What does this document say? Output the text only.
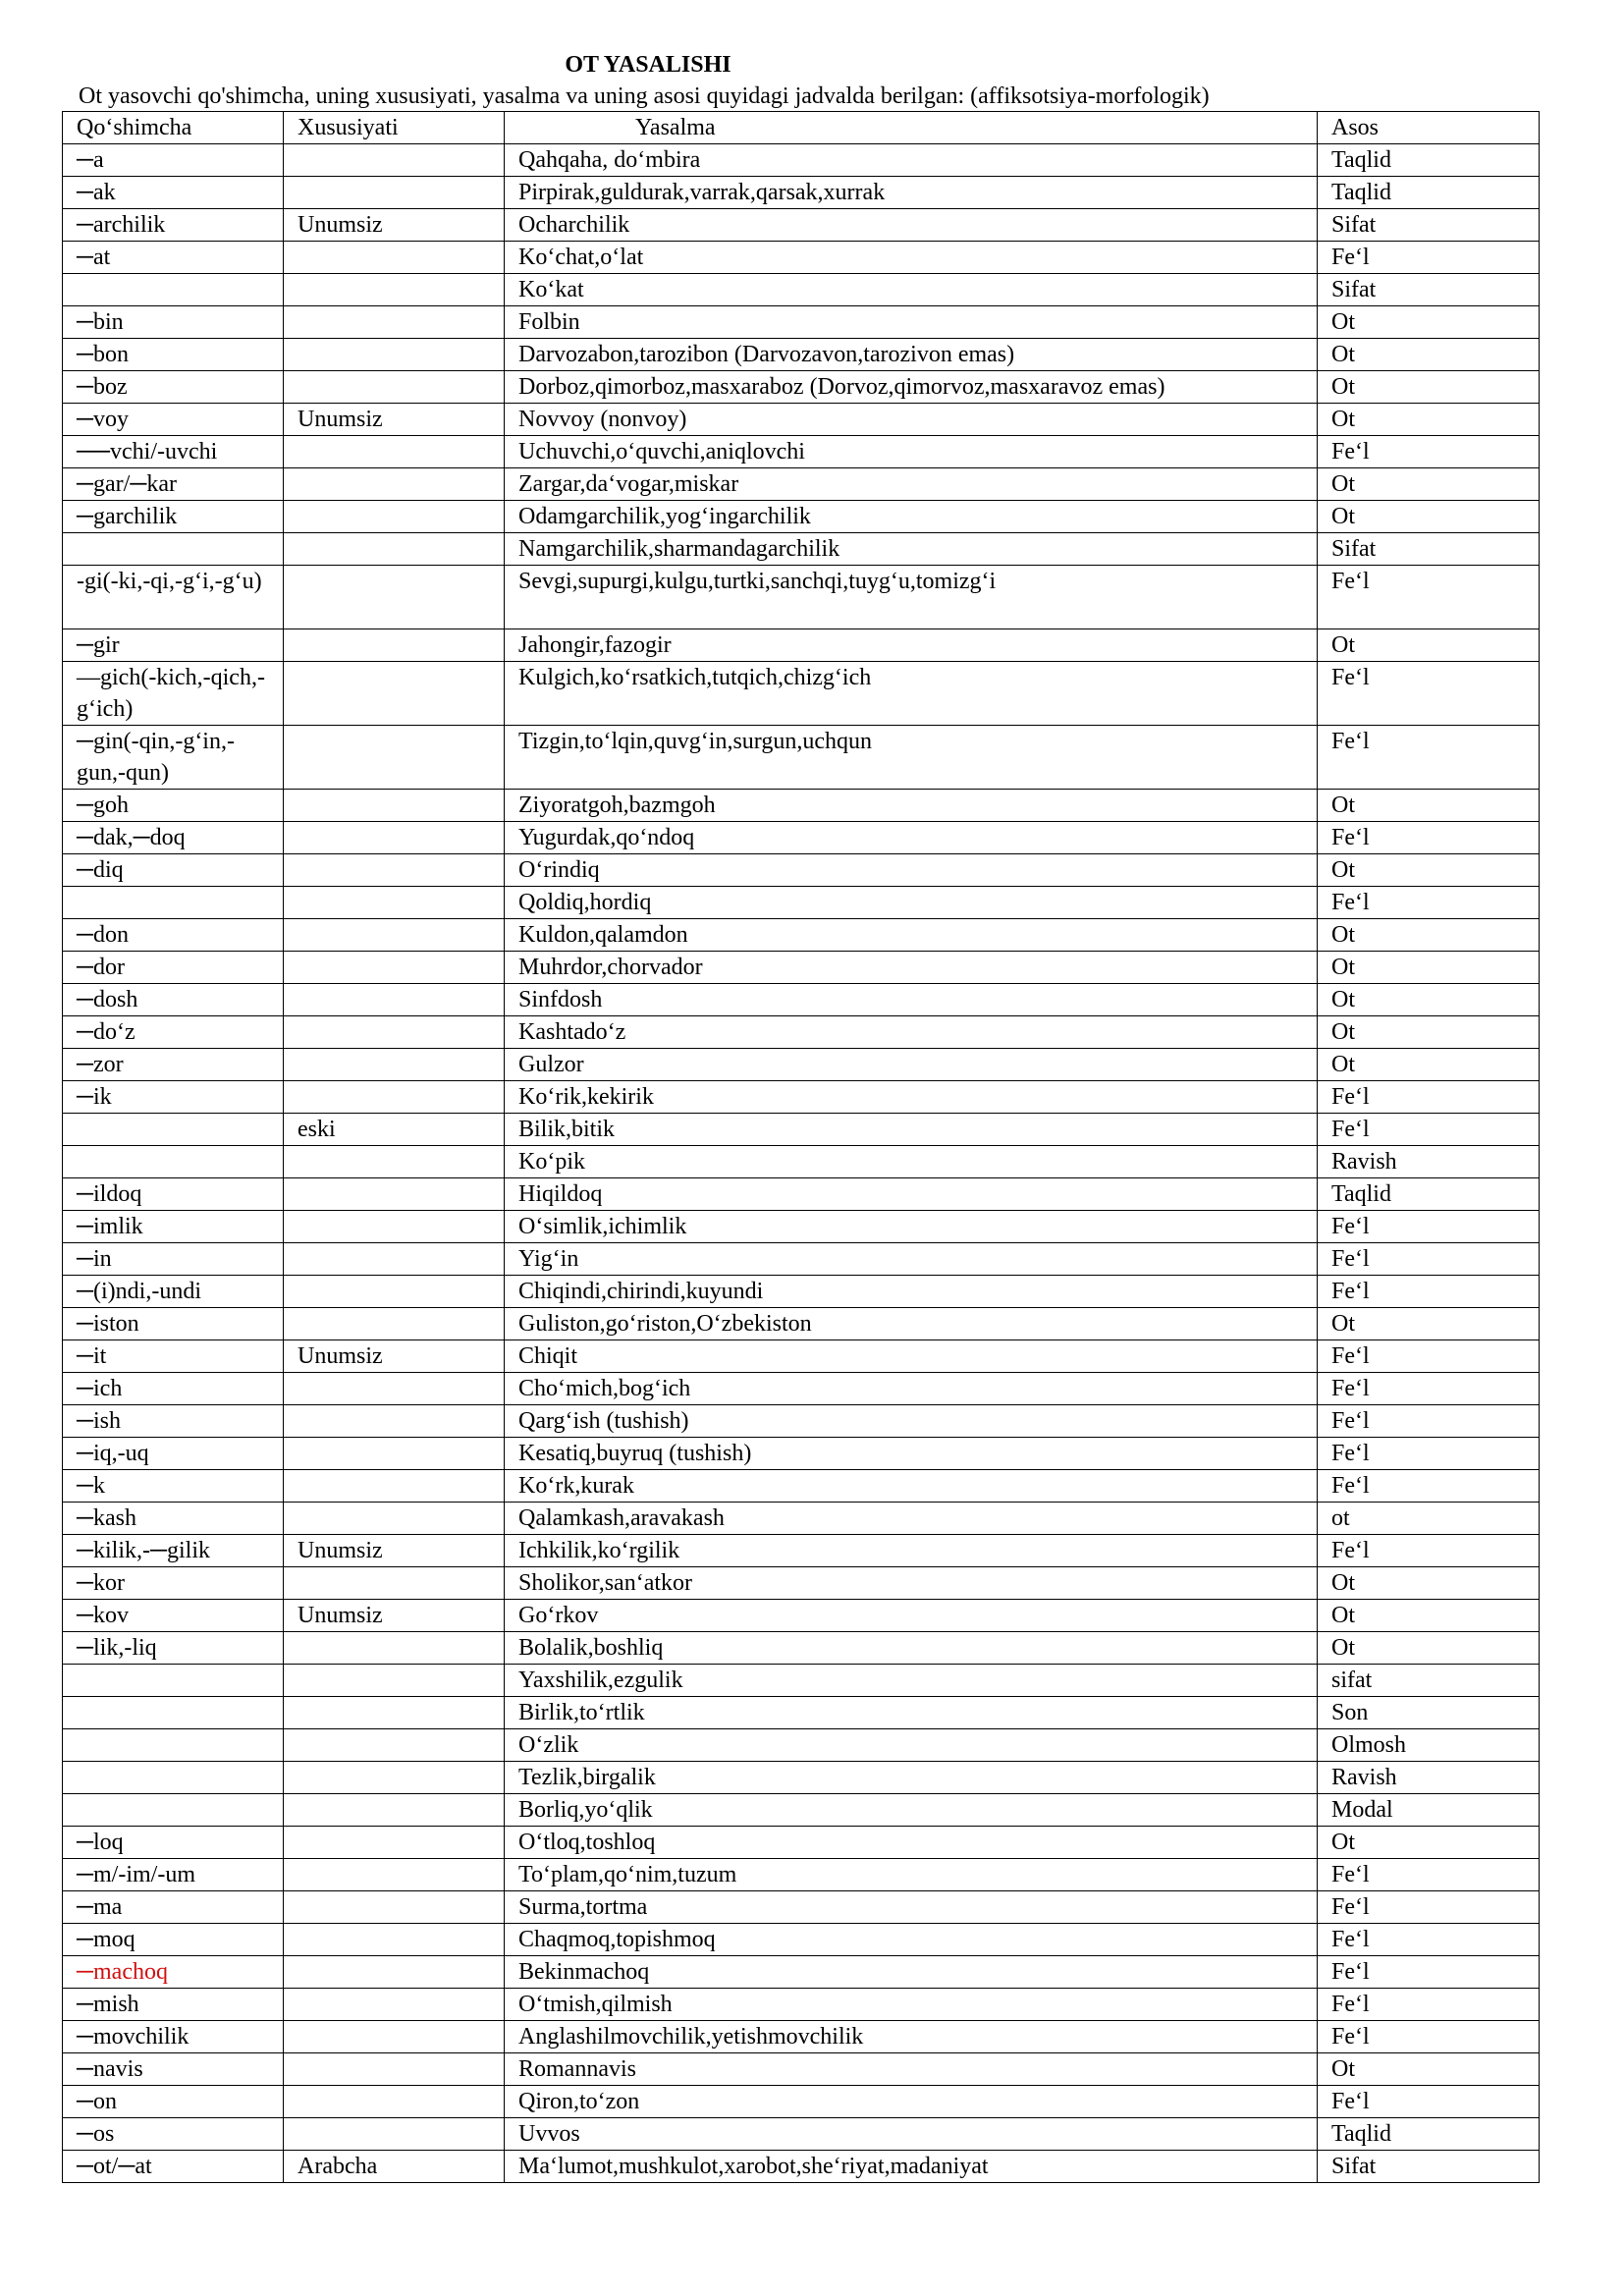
OT YASALISHI
Ot yasovchi qo'shimcha, uning xususiyati, yasalma va uning asosi quyidagi jadvalda berilgan: (affiksotsiya-morfologik)
Qo‘shimcha	Xususiyati	Yasalma	Asos
─a		Qahqaha, do‘mbira	Taqlid
─ak		Pirpirak,guldurak,varrak,qarsak,xurrak	Taqlid
─archilik	Unumsiz	Ocharchilik	Sifat
─at		Ko‘chat,o‘lat	Fe‘l
		Ko‘kat	Sifat
─bin		Folbin	Ot
─bon		Darvozabon,tarozibon (Darvozavon,tarozivon emas)	Ot
─boz		Dorboz,qimorboz,masxaraboz (Dorvoz,qimorvoz,masxaravoz emas)	Ot
─voy	Unumsiz	Novvoy (nonvoy)	Ot
──vchi/-uvchi		Uchuvchi,o‘quvchi,aniqlovchi	Fe‘l
─gar/─kar		Zargar,da‘vogar,miskar	Ot
─garchilik		Odamgarchilik,yog‘ingarchilik	Ot
		Namgarchilik,sharmandagarchilik	Sifat
-gi(-ki,-qi,-g‘i,-g‘u)		Sevgi,supurgi,kulgu,turtki,sanchqi,tuyg‘u,tomizg‘i	Fe‘l
─gir		Jahongir,fazogir	Ot
—gich(-kich,-qich,-g‘ich)		Kulgich,ko‘rsatkich,tutqich,chizg‘ich	Fe‘l
─gin(-qin,-g‘in,-gun,-qun)		Tizgin,to‘lqin,quvg‘in,surgun,uchqun	Fe‘l
─goh		Ziyoratgoh,bazmgoh	Ot
─dak,─doq		Yugurdak,qo‘ndoq	Fe‘l
─diq		O‘rindiq	Ot
		Qoldiq,hordiq	Fe‘l
─don		Kuldon,qalamdon	Ot
─dor		Muhrdor,chorvador	Ot
─dosh		Sinfdosh	Ot
─do‘z		Kashtado‘z	Ot
─zor		Gulzor	Ot
─ik		Ko‘rik,kekirik	Fe‘l
	eski	Bilik,bitik	Fe‘l
		Ko‘pik	Ravish
─ildoq		Hiqildoq	Taqlid
─imlik		O‘simlik,ichimlik	Fe‘l
─in		Yig‘in	Fe‘l
─(i)ndi,-undi		Chiqindi,chirindi,kuyundi	Fe‘l
─iston		Guliston,go‘riston,O‘zbekiston	Ot
─it	Unumsiz	Chiqit	Fe‘l
─ich		Cho‘mich,bog‘ich	Fe‘l
─ish		Qarg‘ish (tushish)	Fe‘l
─iq,-uq		Kesatiq,buyruq (tushish)	Fe‘l
─k		Ko‘rk,kurak	Fe‘l
─kash		Qalamkash,aravakash	ot
─kilik,-─gilik	Unumsiz	Ichkilik,ko‘rgilik	Fe‘l
─kor		Sholikor,san‘atkor	Ot
─kov	Unumsiz	Go‘rkov	Ot
─lik,-liq		Bolalik,boshliq	Ot
		Yaxshilik,ezgulik	sifat
		Birlik,to‘rtlik	Son
		O‘zlik	Olmosh
		Tezlik,birgalik	Ravish
		Borliq,yo‘qlik	Modal
─loq		O‘tloq,toshloq	Ot
─m/-im/-um		To‘plam,qo‘nim,tuzum	Fe‘l
─ma		Surma,tortma	Fe‘l
─moq		Chaqmoq,topishmoq	Fe‘l
─machoq		Bekinmachoq	Fe‘l
─mish		O‘tmish,qilmish	Fe‘l
─movchilik		Anglashilmovchilik,yetishmovchilik	Fe‘l
─navis		Romannavis	Ot
─on		Qiron,to‘zon	Fe‘l
─os		Uvvos	Taqlid
─ot/─at	Arabcha	Ma‘lumot,mushkulot,xarobot,she‘riyat,madaniyat	Sifat
